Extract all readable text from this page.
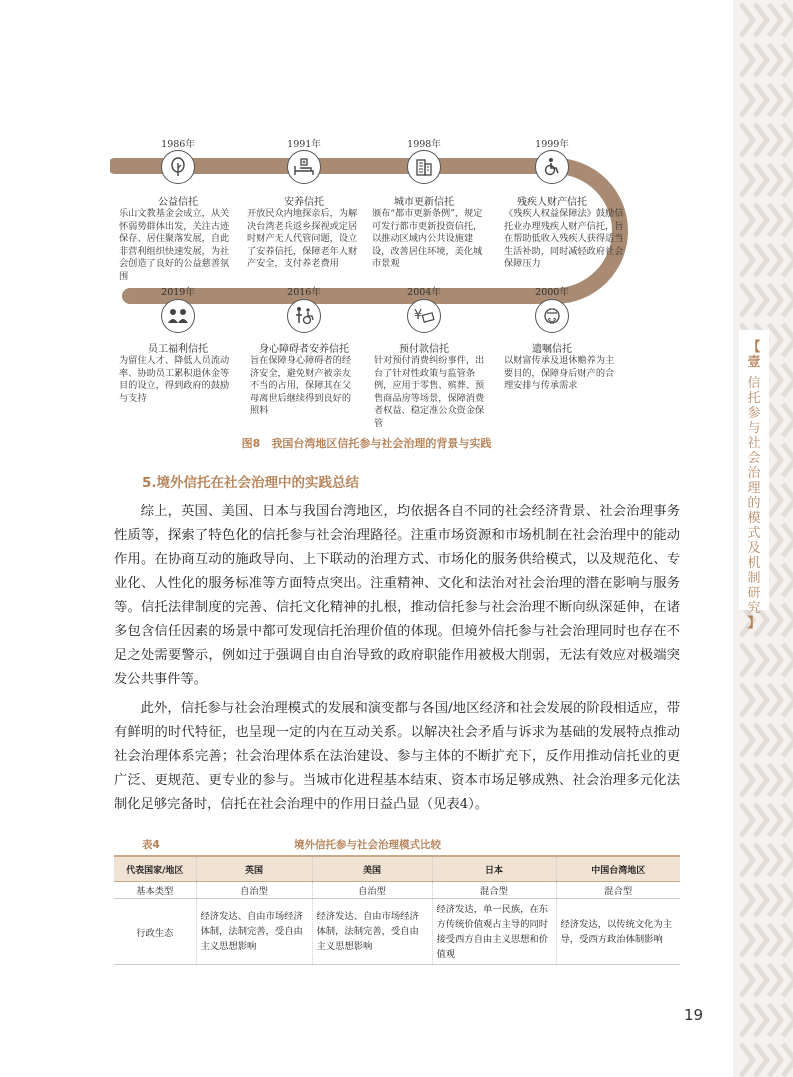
【
壹
信托参与社会治理的模式及机制研究
】
1986年
公益信托
乐山文教基金会成立，从关怀弱势群体出发，关注古迹保存、居住聚落发展，自此非营利组织快速发展，为社会创造了良好的公益慈善氛围
1991年
安养信托
开放民众内地探亲后，为解决台湾老兵返乡探视或定居时财产无人代管问题，设立了安养信托，保障老年人财产安全，支付养老费用
1998年
城市更新信托
颁布“都市更新条例”，规定可发行都市更新投资信托，以推动区域内公共设施建设，改善居住环境，美化城市景观
1999年
残疾人财产信托
《残疾人权益保障法》鼓励信托业办理残疾人财产信托，旨在帮助低收入残疾人获得适当生活补助，同时减轻政府社会保障压力
2019年
员工福利信托
为留住人才、降低人员流动率、协助员工累积退休金等目的设立，得到政府的鼓励与支持
2016年
身心障碍者安养信托
旨在保障身心障碍者的经济安全，避免财产被亲友不当的占用，保障其在父母离世后继续得到良好的照料
2004年
¥
预付款信托
针对预付消费纠纷事件，出台了针对性政策与监管条例，应用于零售、殡葬、预售商品房等场景，保障消费者权益、稳定准公众资金保管
2000年
遗嘱信托
以财富传承及退休赡养为主要目的，保障身后财产的合理安排与传承需求
图8　我国台湾地区信托参与社会治理的背景与实践
5.境外信托在社会治理中的实践总结
综上，英国、美国、日本与我国台湾地区，均依据各自不同的社会经济背景、社会治理事务性质等，探索了特色化的信托参与社会治理路径。注重市场资源和市场机制在社会治理中的能动作用。在协商互动的施政导向、上下联动的治理方式、市场化的服务供给模式，以及规范化、专业化、人性化的服务标准等方面特点突出。注重精神、文化和法治对社会治理的潜在影响与服务等。信托法律制度的完善、信托文化精神的扎根，推动信托参与社会治理不断向纵深延伸，在诸多包含信任因素的场景中都可发现信托治理价值的体现。但境外信托参与社会治理同时也存在不足之处需要警示，例如过于强调自由自治导致的政府职能作用被极大削弱，无法有效应对极端突发公共事件等。
此外，信托参与社会治理模式的发展和演变都与各国/地区经济和社会发展的阶段相适应，带有鲜明的时代特征，也呈现一定的内在互动关系。以解决社会矛盾与诉求为基础的发展特点推动社会治理体系完善；社会治理体系在法治建设、参与主体的不断扩充下，反作用推动信托业的更广泛、更规范、更专业的参与。当城市化进程基本结束、资本市场足够成熟、社会治理多元化法制化足够完备时，信托在社会治理中的作用日益凸显（见表4）。
表4	境外信托参与社会治理模式比较
代表国家/地区	英国	美国	日本	中国台湾地区
基本类型	自治型	自治型	混合型	混合型
行政生态	经济发达、自由市场经济体制，法制完善，受自由主义思想影响	经济发达、自由市场经济体制，法制完善，受自由主义思想影响	经济发达，单一民族，在东方传统价值观占主导的同时接受西方自由主义思想和价值观	经济发达，以传统文化为主导，受西方政治体制影响
19
